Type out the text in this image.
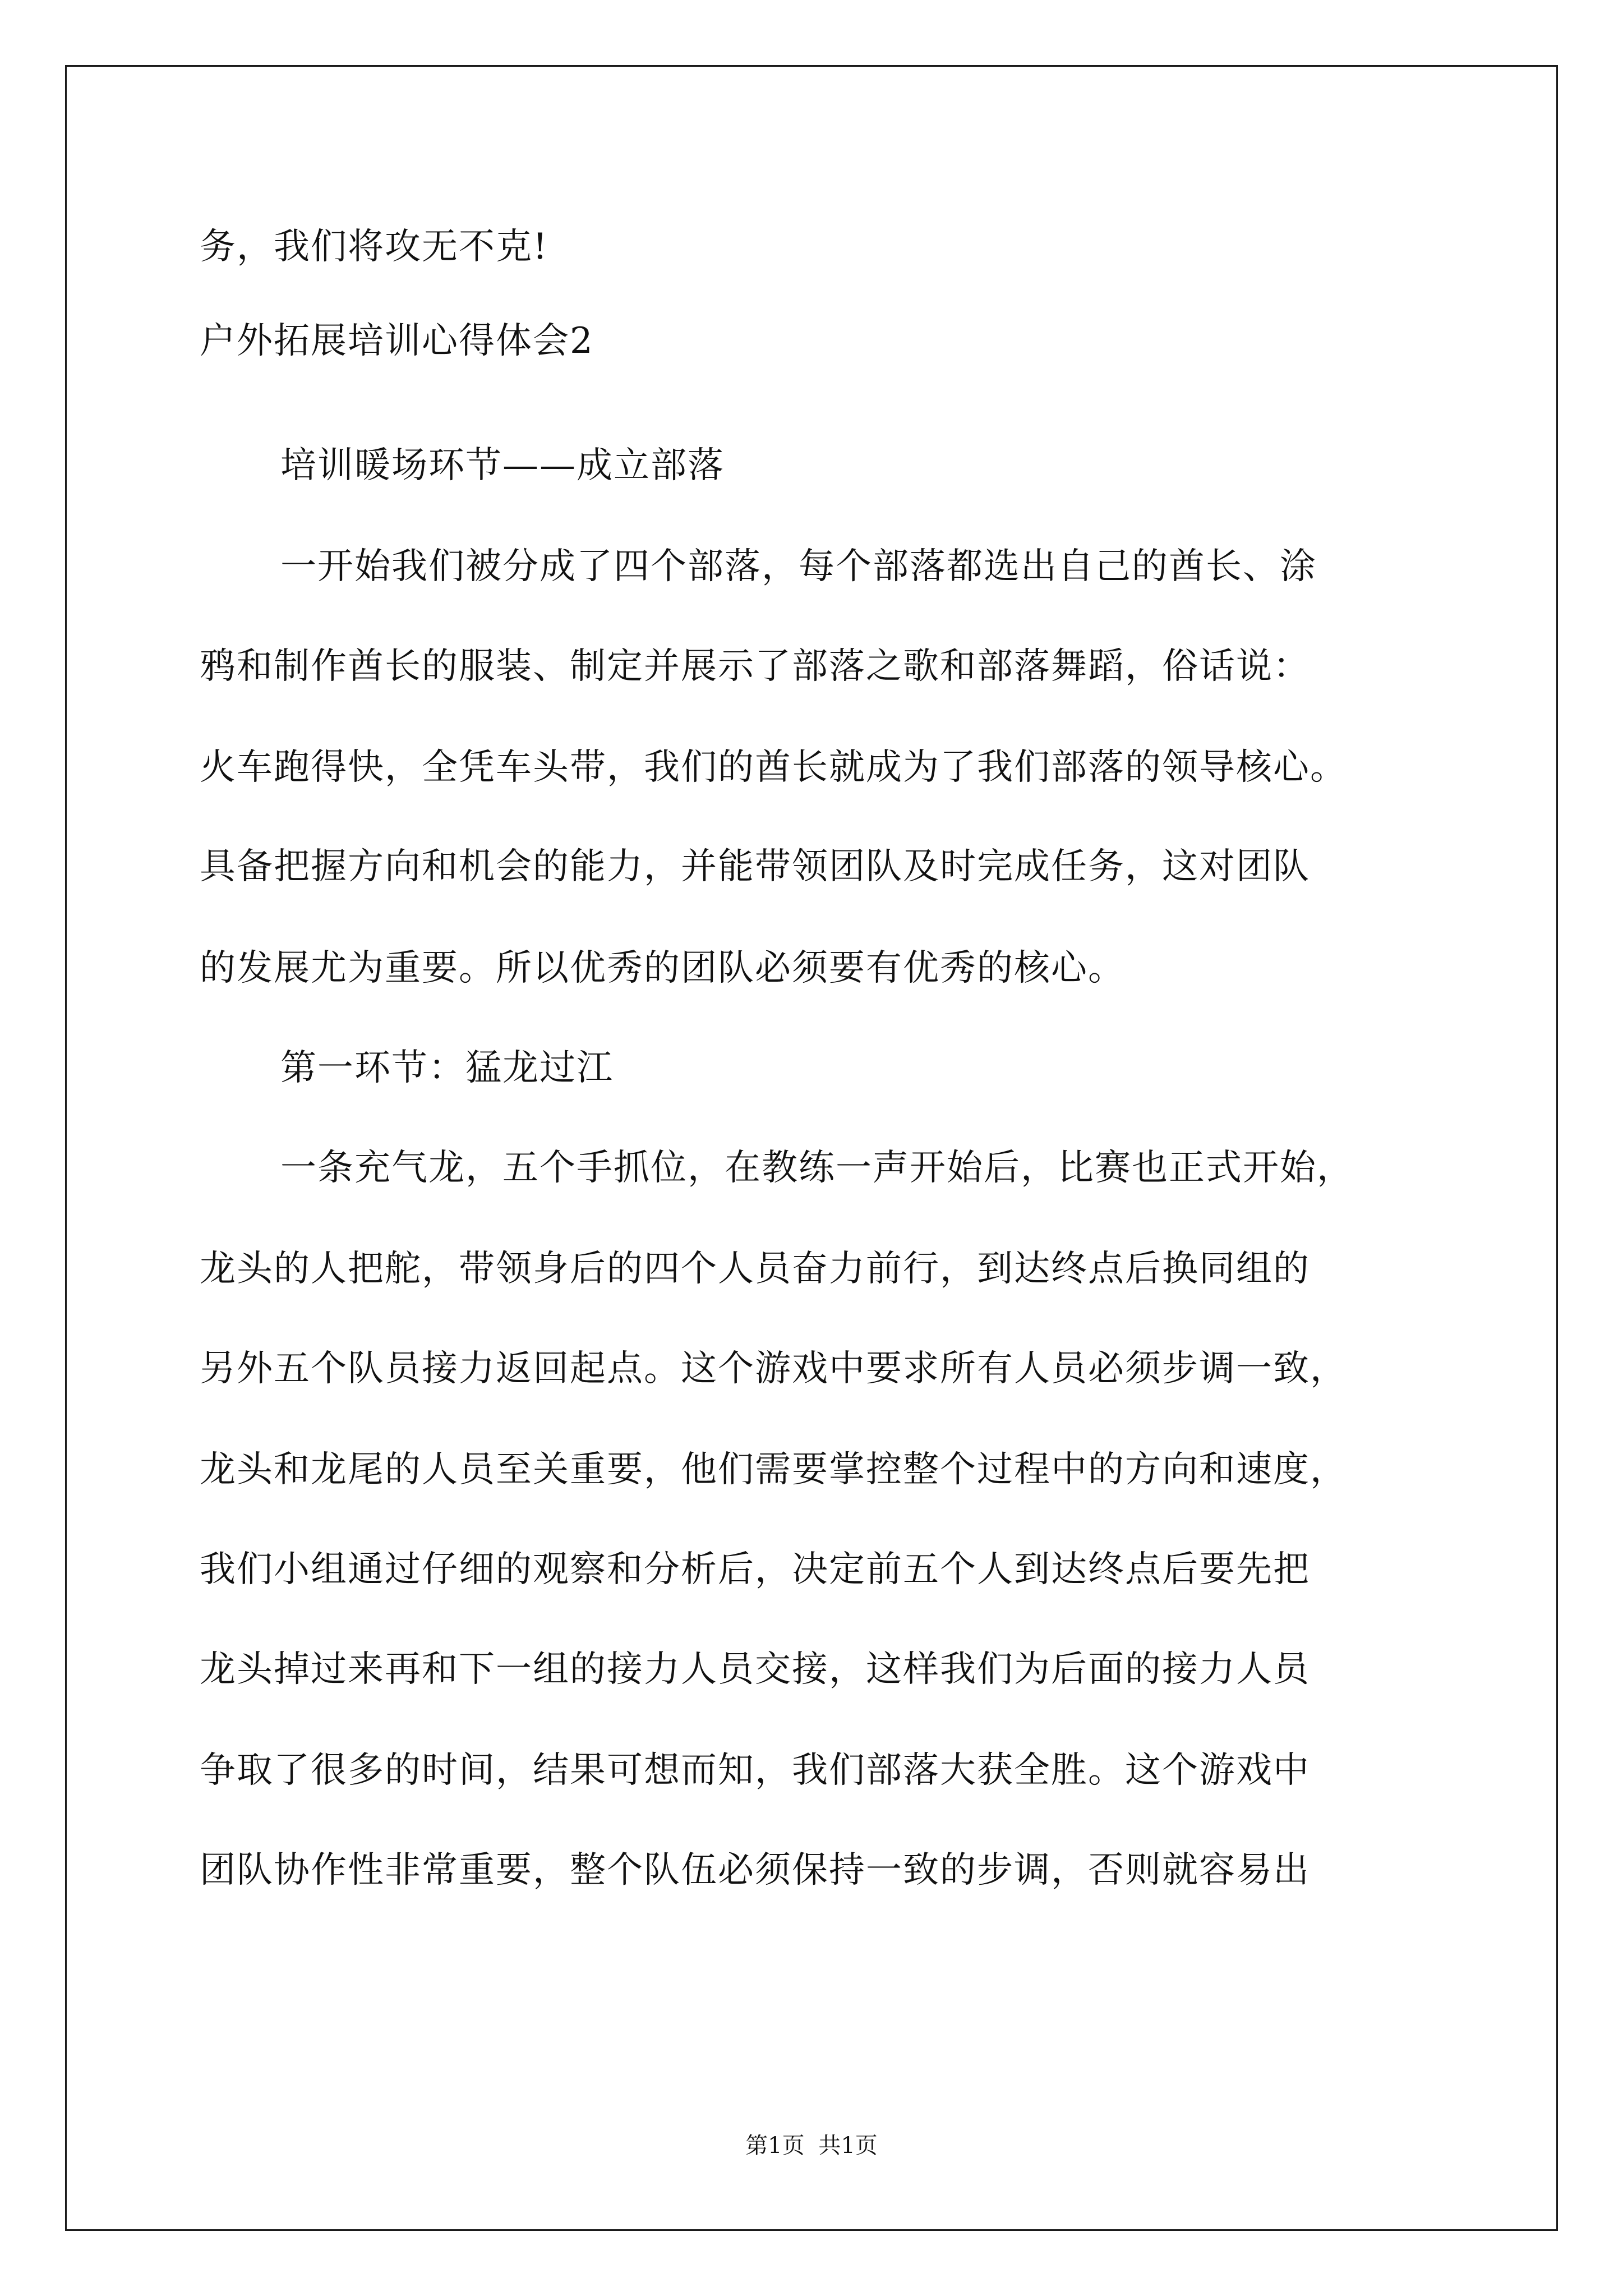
务，我们将攻无不克!
户外拓展培训心得体会2
培训暖场环节——成立部落
一开始我们被分成了四个部落，每个部落都选出自己的酋长、涂
鸦和制作酋长的服装、制定并展示了部落之歌和部落舞蹈，俗话说：
火车跑得快，全凭车头带，我们的酋长就成为了我们部落的领导核心。
具备把握方向和机会的能力，并能带领团队及时完成任务，这对团队
的发展尤为重要。所以优秀的团队必须要有优秀的核心。
第一环节：猛龙过江
一条充气龙，五个手抓位，在教练一声开始后，比赛也正式开始，
龙头的人把舵，带领身后的四个人员奋力前行，到达终点后换同组的
另外五个队员接力返回起点。这个游戏中要求所有人员必须步调一致，
龙头和龙尾的人员至关重要，他们需要掌控整个过程中的方向和速度，
我们小组通过仔细的观察和分析后，决定前五个人到达终点后要先把
龙头掉过来再和下一组的接力人员交接，这样我们为后面的接力人员
争取了很多的时间，结果可想而知，我们部落大获全胜。这个游戏中
团队协作性非常重要，整个队伍必须保持一致的步调，否则就容易出
第1页 共1页
